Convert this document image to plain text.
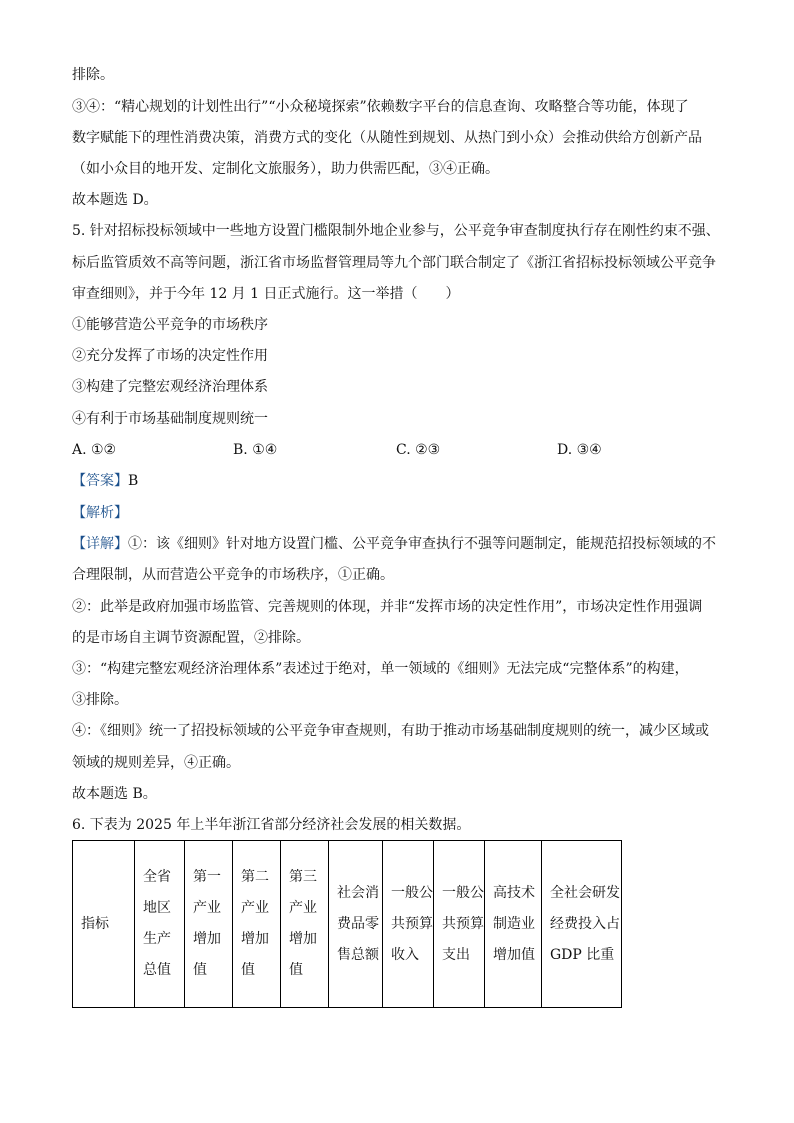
排除。
③④：“精心规划的计划性出行”“小众秘境探索”依赖数字平台的信息查询、攻略整合等功能，体现了
数字赋能下的理性消费决策，消费方式的变化（从随性到规划、从热门到小众）会推动供给方创新产品
（如小众目的地开发、定制化文旅服务），助力供需匹配，③④正确。
故本题选 D。
5. 针对招标投标领域中一些地方设置门槛限制外地企业参与，公平竞争审查制度执行存在刚性约束不强、
标后监管质效不高等问题，浙江省市场监督管理局等九个部门联合制定了《浙江省招标投标领域公平竞争
审查细则》，并于今年 12 月 1 日正式施行。这一举措（　　）
①能够营造公平竞争的市场秩序
②充分发挥了市场的决定性作用
③构建了完整宏观经济治理体系
④有利于市场基础制度规则统一
A. ①②	B. ①④	C. ②③	D. ③④
【答案】B
【解析】
【详解】①：该《细则》针对地方设置门槛、公平竞争审查执行不强等问题制定，能规范招投标领域的不
合理限制，从而营造公平竞争的市场秩序，①正确。
②：此举是政府加强市场监管、完善规则的体现，并非“发挥市场的决定性作用”，市场决定性作用强调
的是市场自主调节资源配置，②排除。
③：“构建完整宏观经济治理体系”表述过于绝对，单一领域的《细则》无法完成“完整体系”的构建，
③排除。
④：《细则》统一了招投标领域的公平竞争审查规则，有助于推动市场基础制度规则的统一，减少区域或
领域的规则差异，④正确。
故本题选 B。
6. 下表为 2025 年上半年浙江省部分经济社会发展的相关数据。
指标	全省地区生产总值	第一产业增加值	第二产业增加值	第三产业增加值	社会消费品零售总额	一般公共预算收入	一般公共预算支出	高技术制造业增加值	全社会研发经费投入占 GDP 比重
